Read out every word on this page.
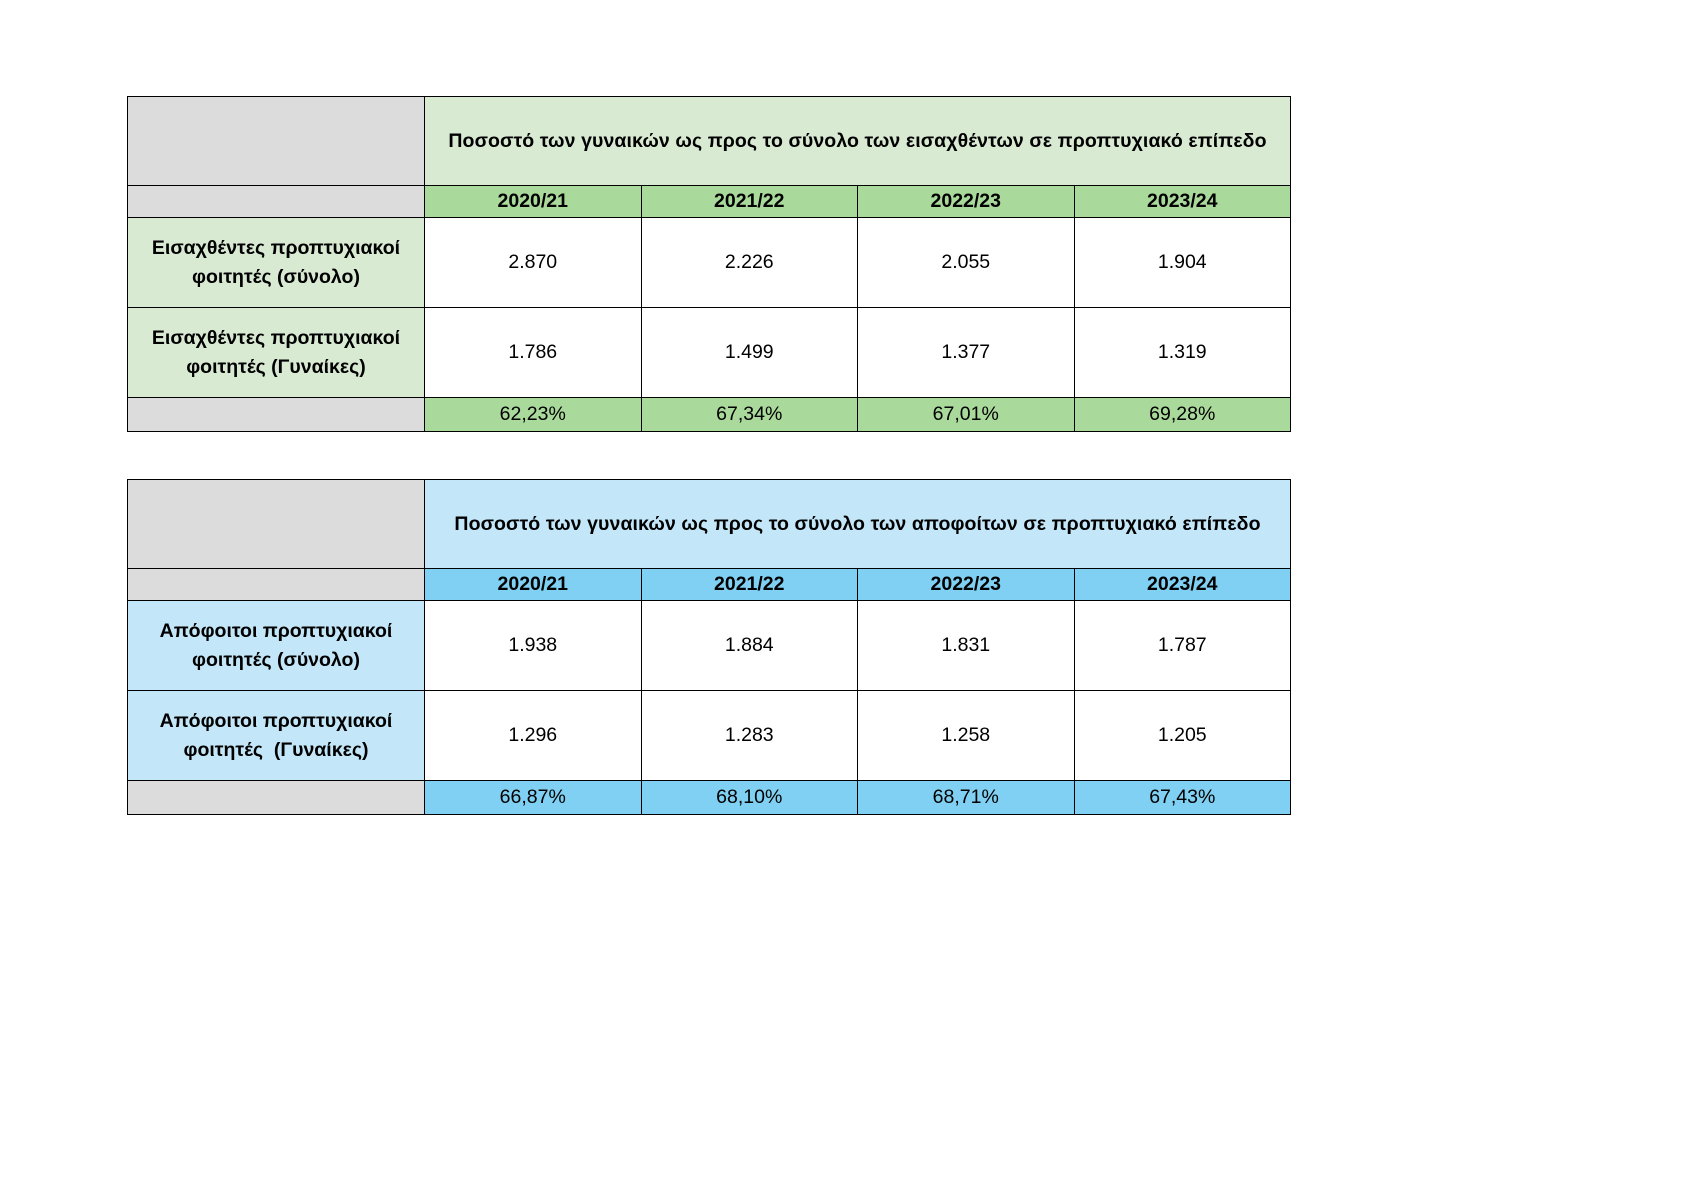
	Ποσοστό των γυναικών ως προς το σύνολο των εισαχθέντων σε προπτυχιακό επίπεδο			
	2020/21	2021/22	2022/23	2023/24

Εισαχθέντες προπτυχιακοί
φοιτητές (σύνολο)	2.870	2.226	2.055	1.904

Εισαχθέντες προπτυχιακοί
φοιτητές (Γυναίκες)	1.786	1.499	1.377	1.319
	62,23%	67,34%	67,01%	69,28%
	Ποσοστό των γυναικών ως προς το σύνολο των αποφοίτων σε προπτυχιακό επίπεδο			
	2020/21	2021/22	2022/23	2023/24

Απόφοιτοι προπτυχιακοί
φοιτητές (σύνολο)	1.938	1.884	1.831	1.787

Απόφοιτοι προπτυχιακοί
φοιτητές  (Γυναίκες)	1.296	1.283	1.258	1.205
	66,87%	68,10%	68,71%	67,43%
